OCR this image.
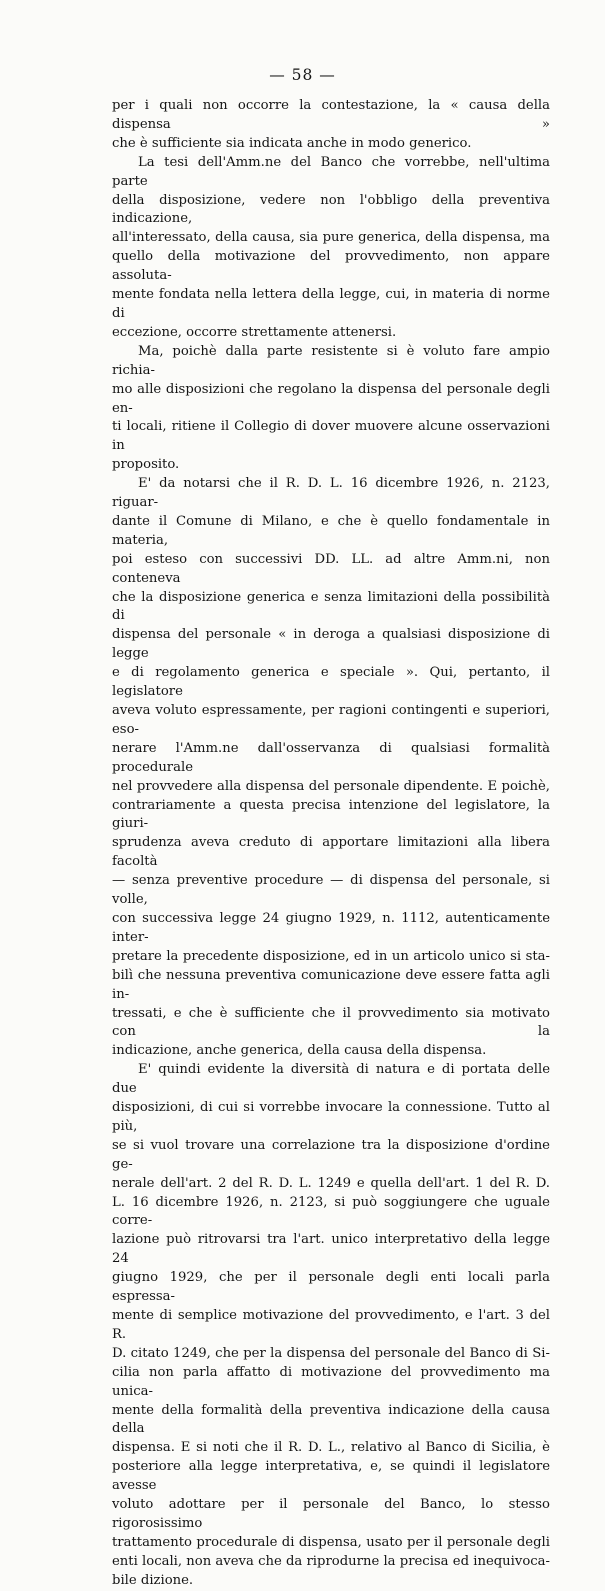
— 58 —

per i quali non occorre la contestazione, la « causa della dispensa »

che è sufficiente sia indicata anche in modo generico.

La tesi dell'Amm.ne del Banco che vorrebbe, nell'ultima parte

della disposizione, vedere non l'obbligo della preventiva indicazione,

all'interessato, della causa, sia pure generica, della dispensa, ma

quello della motivazione del provvedimento, non appare assoluta-

mente fondata nella lettera della legge, cui, in materia di norme di

eccezione, occorre strettamente attenersi.

Ma, poichè dalla parte resistente si è voluto fare ampio richia-

mo alle disposizioni che regolano la dispensa del personale degli en-

ti locali, ritiene il Collegio di dover muovere alcune osservazioni in

proposito.

E' da notarsi che il R. D. L. 16 dicembre 1926, n. 2123, riguar-

dante il Comune di Milano, e che è quello fondamentale in materia,

poi esteso con successivi DD. LL. ad altre Amm.ni, non conteneva

che la disposizione generica e senza limitazioni della possibilità di

dispensa del personale « in deroga a qualsiasi disposizione di legge

e di regolamento generica e speciale ». Qui, pertanto, il legislatore

aveva voluto espressamente, per ragioni contingenti e superiori, eso-

nerare l'Amm.ne dall'osservanza di qualsiasi formalità procedurale

nel provvedere alla dispensa del personale dipendente. E poichè,

contrariamente a questa precisa intenzione del legislatore, la giuri-

sprudenza aveva creduto di apportare limitazioni alla libera facoltà

— senza preventive procedure — di dispensa del personale, si volle,

con successiva legge 24 giugno 1929, n. 1112, autenticamente inter-

pretare la precedente disposizione, ed in un articolo unico si sta-

bilì che nessuna preventiva comunicazione deve essere fatta agli in-

tressati, e che è sufficiente che il provvedimento sia motivato con la

indicazione, anche generica, della causa della dispensa.

E' quindi evidente la diversità di natura e di portata delle due

disposizioni, di cui si vorrebbe invocare la connessione. Tutto al più,

se si vuol trovare una correlazione tra la disposizione d'ordine ge-

nerale dell'art. 2 del R. D. L. 1249 e quella dell'art. 1 del R. D.

L. 16 dicembre 1926, n. 2123, si può soggiungere che uguale corre-

lazione può ritrovarsi tra l'art. unico interpretativo della legge 24

giugno 1929, che per il personale degli enti locali parla espressa-

mente di semplice motivazione del provvedimento, e l'art. 3 del R.

D. citato 1249, che per la dispensa del personale del Banco di Si-

cilia non parla affatto di motivazione del provvedimento ma unica-

mente della formalità della preventiva indicazione della causa della

dispensa. E si noti che il R. D. L., relativo al Banco di Sicilia, è

posteriore alla legge interpretativa, e, se quindi il legislatore avesse

voluto adottare per il personale del Banco, lo stesso rigorosissimo

trattamento procedurale di dispensa, usato per il personale degli

enti locali, non aveva che da riprodurne la precisa ed inequivoca-

bile dizione.
